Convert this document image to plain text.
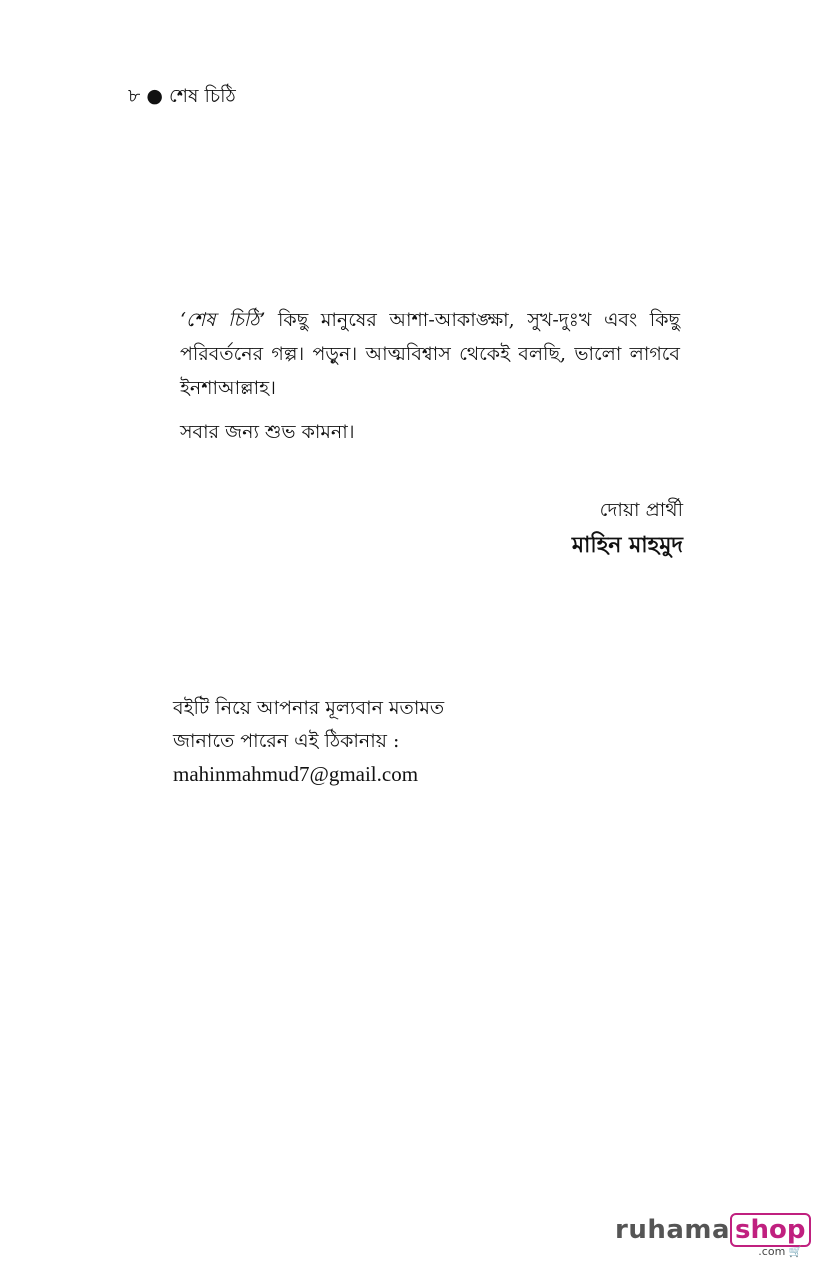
৮ ● শেষ চিঠি
‘শেষ চিঠি’ কিছু মানুষের আশা-আকাঙ্ক্ষা, সুখ-দুঃখ এবং কিছু পরিবর্তনের গল্প। পড়ুন। আত্মবিশ্বাস থেকেই বলছি, ভালো লাগবে ইনশাআল্লাহ।
সবার জন্য শুভ কামনা।
দোয়া প্রার্থী
মাহিন মাহমুদ
বইটি নিয়ে আপনার মূল্যবান মতামত
জানাতে পারেন এই ঠিকানায় :
mahinmahmud7@gmail.com
ruhama shop
.com 🛒
